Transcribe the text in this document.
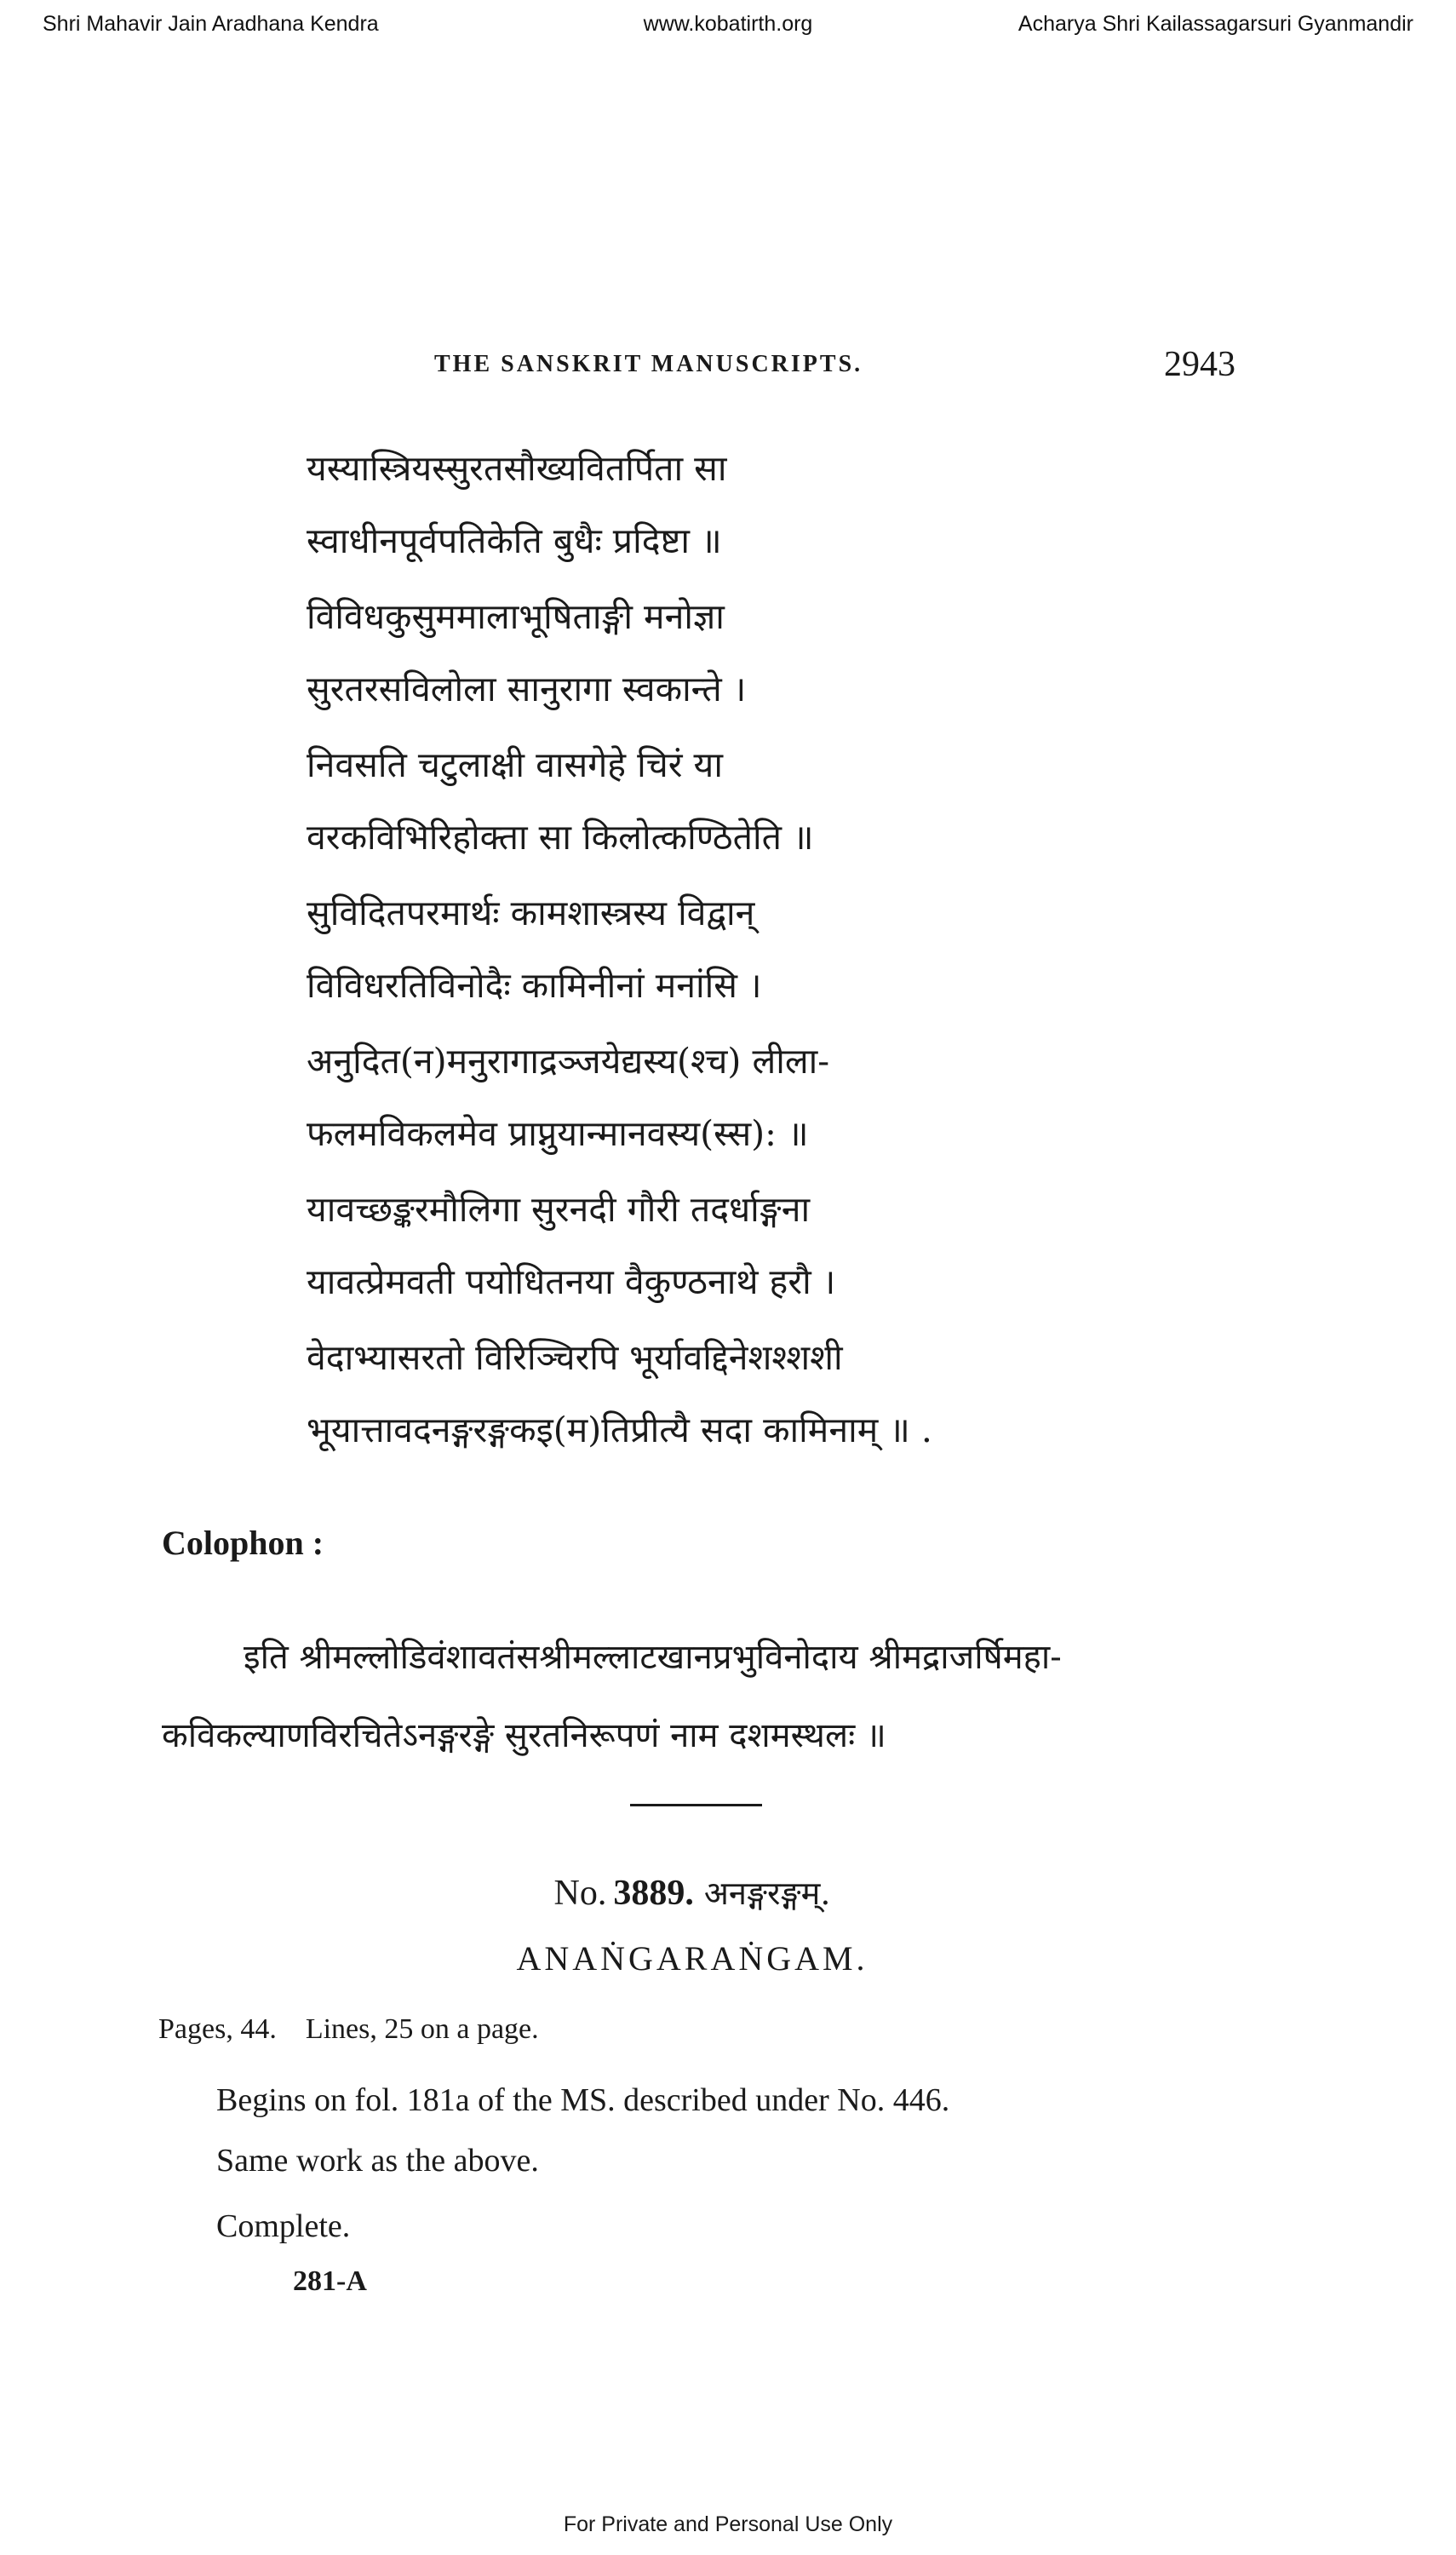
Shri Mahavir Jain Aradhana Kendra	www.kobatirth.org	Acharya Shri Kailassagarsuri Gyanmandir
THE SANSKRIT MANUSCRIPTS.	2943
यस्यास्त्रियस्सुरतसौख्यवितर्पिता सा
स्वाधीनपूर्वपतिकेति बुधैः प्रदिष्टा ॥
विविधकुसुममालाभूषिताङ्गी मनोज्ञा
सुरतरसविलोला सानुरागा स्वकान्ते ।
निवसति चटुलाक्षी वासगेहे चिरं या
वरकविभिरिहोक्ता सा किलोत्कण्ठितेति ॥
सुविदितपरमार्थः कामशास्त्रस्य विद्वान्
विविधरतिविनोदैः कामिनीनां मनांसि ।
अनुदित(न)मनुरागाद्रञ्जयेद्यस्य(श्च) लीला-
फलमविकलमेव प्राप्नुयान्मानवस्य(स्स): ॥
यावच्छङ्करमौलिगा सुरनदी गौरी तदर्धाङ्गना
यावत्प्रेमवती पयोधितनया वैकुण्ठनाथे हरौ ।
वेदाभ्यासरतो विरिञ्चिरपि भूर्यावद्दिनेशश्शशी
भूयात्तावदनङ्गरङ्गकइ(म)तिप्रीत्यै सदा कामिनाम् ॥ .
Colophon :
इति श्रीमल्लोडिवंशावतंसश्रीमल्लाटखानप्रभुविनोदाय श्रीमद्राजर्षिमहा-
कविकल्याणविरचितेऽनङ्गरङ्गे सुरतनिरूपणं नाम दशमस्थलः ॥
No. 3889. अनङ्गरङ्गम्.
ANAṄGARAṄGAM.
Pages, 44. Lines, 25 on a page.
Begins on fol. 181a of the MS. described under No. 446.
Same work as the above.
Complete.
281-A
For Private and Personal Use Only
